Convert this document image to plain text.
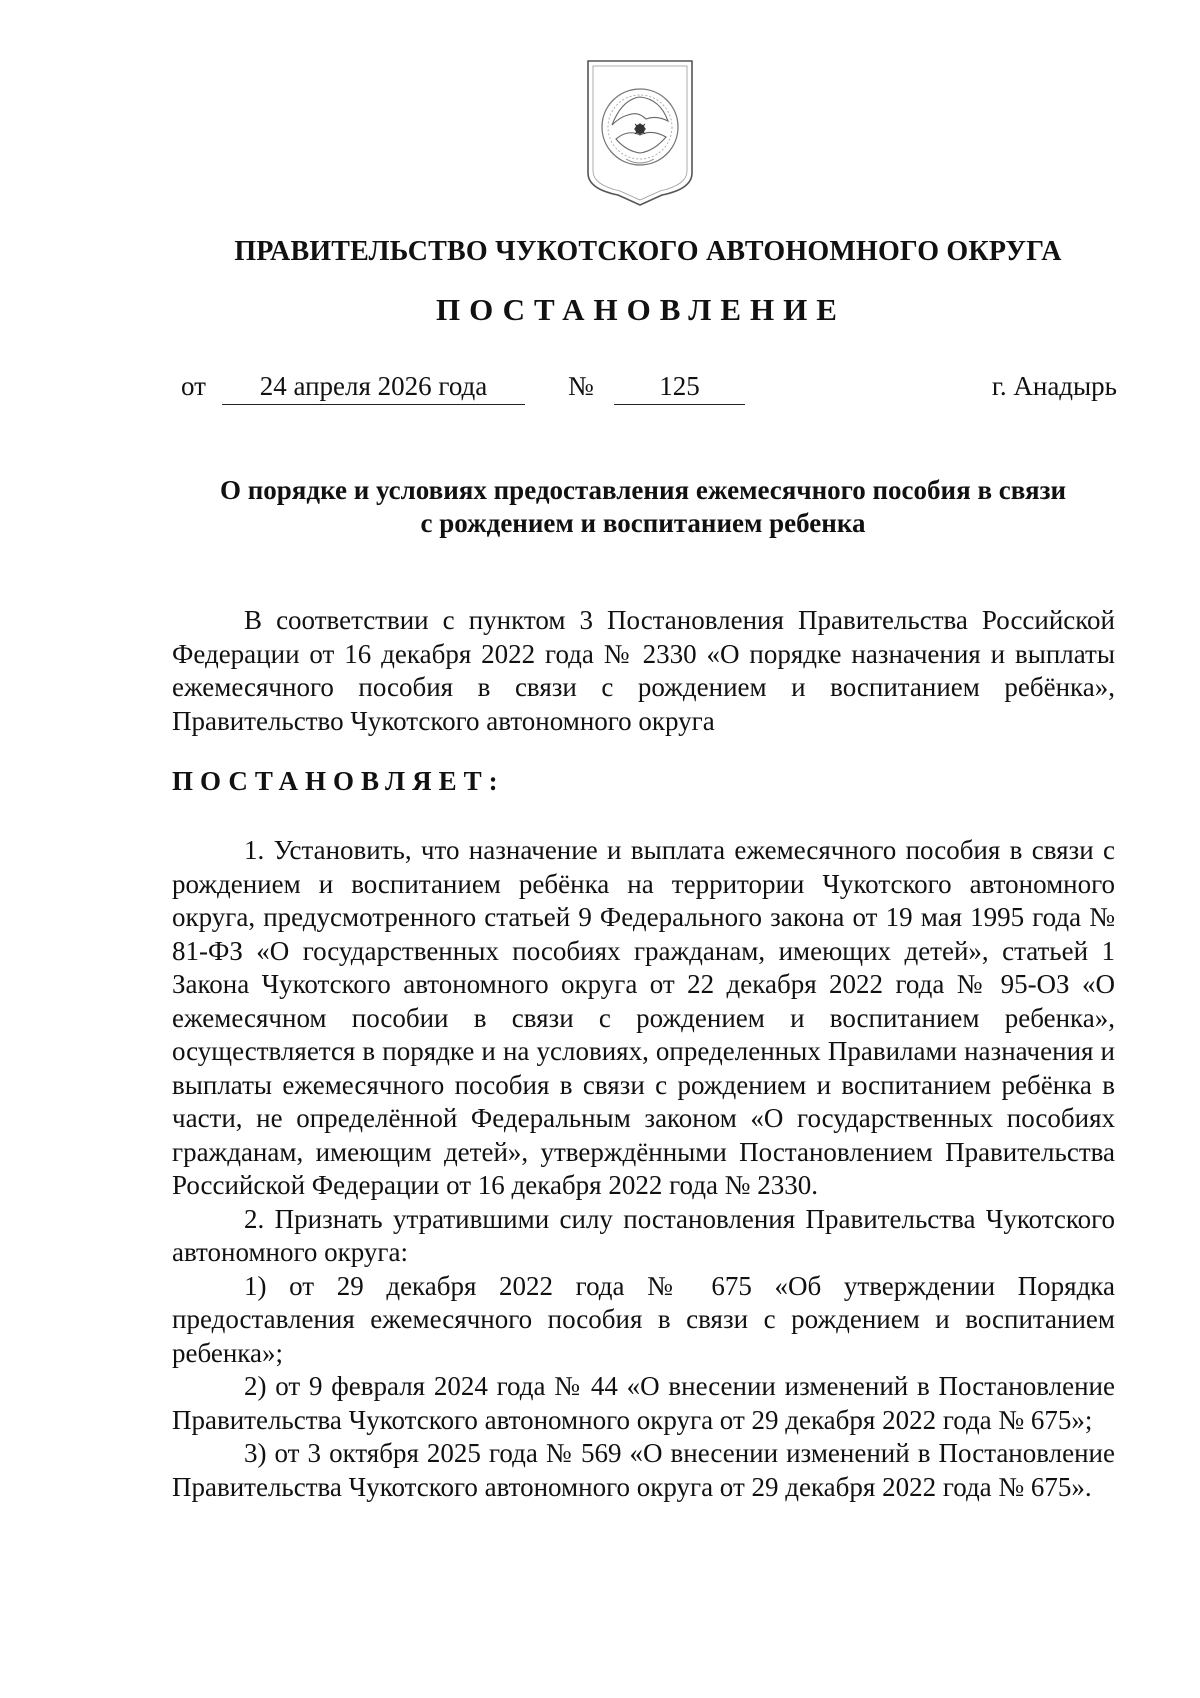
ПРАВИТЕЛЬСТВО ЧУКОТСКОГО АВТОНОМНОГО ОКРУГА
ПОСТАНОВЛЕНИЕ
от	24 апреля 2026 года	№	125	г. Анадырь
О порядке и условиях предоставления ежемесячного пособия в связи
с рождением и воспитанием ребенка

В соответствии с пунктом 3 Постановления Правительства Российской Федерации от 16 декабря 2022 года № 2330 «О порядке назначения и выплаты ежемесячного пособия в связи с рождением и воспитанием ребёнка», Правительство Чукотского автономного округа

ПОСТАНОВЛЯЕТ:

1. Установить, что назначение и выплата ежемесячного пособия в связи с рождением и воспитанием ребёнка на территории Чукотского автономного округа, предусмотренного статьей 9 Федерального закона от 19 мая 1995 года № 81-ФЗ «О государственных пособиях гражданам, имеющих детей», статьей 1 Закона Чукотского автономного округа от 22 декабря 2022 года № 95-ОЗ «О ежемесячном пособии в связи с рождением и воспитанием ребенка», осуществляется в порядке и на условиях, определенных Правилами назначения и выплаты ежемесячного пособия в связи с рождением и воспитанием ребёнка в части, не определённой Федеральным законом «О государственных пособиях гражданам, имеющим детей», утверждёнными Постановлением Правительства Российской Федерации от 16 декабря 2022 года № 2330.

2. Признать утратившими силу постановления Правительства Чукотского автономного округа:

1) от 29 декабря 2022 года № 675 «Об утверждении Порядка предоставления ежемесячного пособия в связи с рождением и воспитанием ребенка»;

2) от 9 февраля 2024 года № 44 «О внесении изменений в Постановление Правительства Чукотского автономного округа от 29 декабря 2022 года № 675»;

3) от 3 октября 2025 года № 569 «О внесении изменений в Постановление Правительства Чукотского автономного округа от 29 декабря 2022 года № 675».
